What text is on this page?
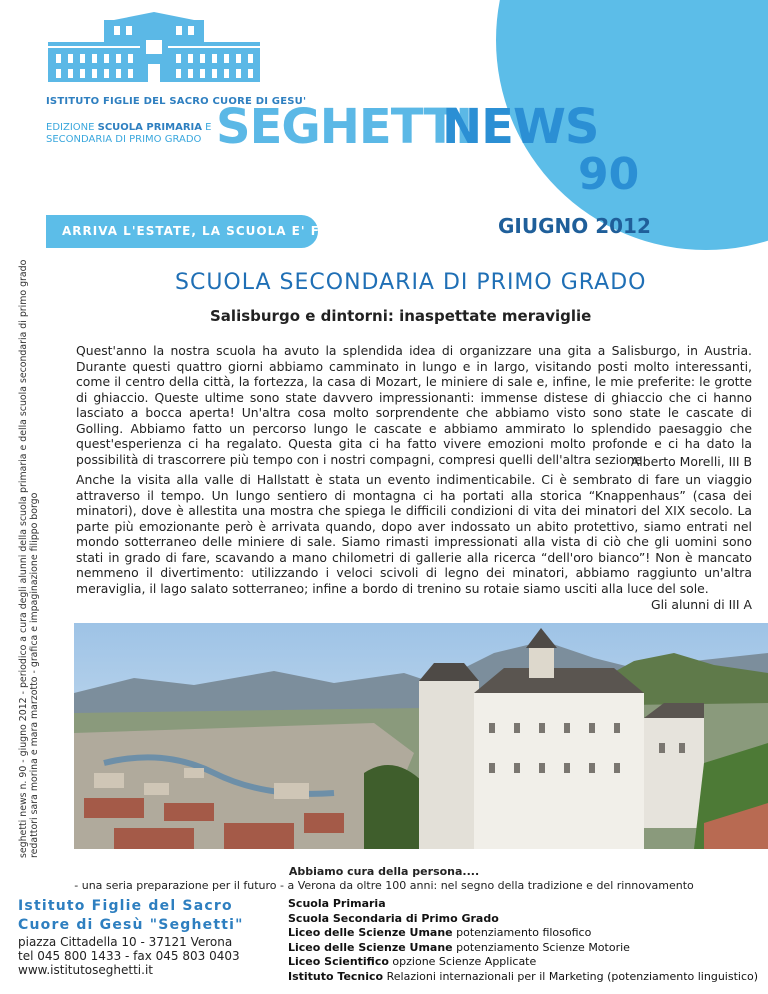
ISTITUTO FIGLIE DEL SACRO CUORE DI GESU'
EDIZIONE SCUOLA PRIMARIA E
SECONDARIA DI PRIMO GRADO SEGHETTI
NEWS
90
GIUGNO 2012
ARRIVA L'ESTATE, LA SCUOLA E' FINITA
seghetti news n. 90 - giugno 2012 - periodico a cura degli alunni della scuola primaria e della scuola secondaria di primo grado redattori sara morina e mara marzotto - grafica e impaginazione filippo borgo
SCUOLA SECONDARIA DI PRIMO GRADO
Salisburgo e dintorni: inaspettate meraviglie
Quest'anno la nostra scuola ha avuto la splendida idea di organizzare una gita a Salisburgo, in Austria. Durante questi quattro giorni abbiamo camminato in lungo e in largo, visitando posti molto interessanti, come il centro della città, la fortezza, la casa di Mozart, le miniere di sale e, infine, le mie preferite: le grotte di ghiaccio. Queste ultime sono state davvero impressionanti: immense distese di ghiaccio che ci hanno lasciato a bocca aperta! Un'altra cosa molto sorprendente che abbiamo visto sono state le cascate di Golling. Abbiamo fatto un percorso lungo le cascate e abbiamo ammirato lo splendido paesaggio che quest'esperienza ci ha regalato. Questa gita ci ha fatto vivere emozioni molto profonde e ci ha dato la possibilità di trascorrere più tempo con i nostri compagni, compresi quelli dell'altra sezione.
Alberto Morelli, III B
Anche la visita alla valle di Hallstatt è stata un evento indimenticabile. Ci è sembrato di fare un viaggio attraverso il tempo. Un lungo sentiero di montagna ci ha portati alla storica “Knappenhaus” (casa dei minatori), dove è allestita una mostra che spiega le difficili condizioni di vita dei minatori del XIX secolo. La parte più emozionante però è arrivata quando, dopo aver indossato un abito protettivo, siamo entrati nel mondo sotterraneo delle miniere di sale. Siamo rimasti impressionati alla vista di ciò che gli uomini sono stati in grado di fare, scavando a mano chilometri di gallerie alla ricerca “dell'oro bianco”! Non è mancato nemmeno il divertimento: utilizzando i veloci scivoli di legno dei minatori, abbiamo raggiunto un'altra meraviglia, il lago salato sotterraneo; infine a bordo di trenino su rotaie siamo usciti alla luce del sole.
Gli alunni di III A
Abbiamo cura della persona....
- una seria preparazione per il futuro - a Verona da oltre 100 anni: nel segno della tradizione e del rinnovamento
Istituto Figlie del Sacro Cuore di Gesù "Seghetti"
piazza Cittadella 10 - 37121 Verona
tel 045 800 1433 - fax 045 803 0403
www.istitutoseghetti.it
Scuola Primaria
Scuola Secondaria di Primo Grado
Liceo delle Scienze Umane potenziamento filosofico
Liceo delle Scienze Umane potenziamento Scienze Motorie
Liceo Scientifico opzione Scienze Applicate
Istituto Tecnico Relazioni internazionali per il Marketing (potenziamento linguistico)
